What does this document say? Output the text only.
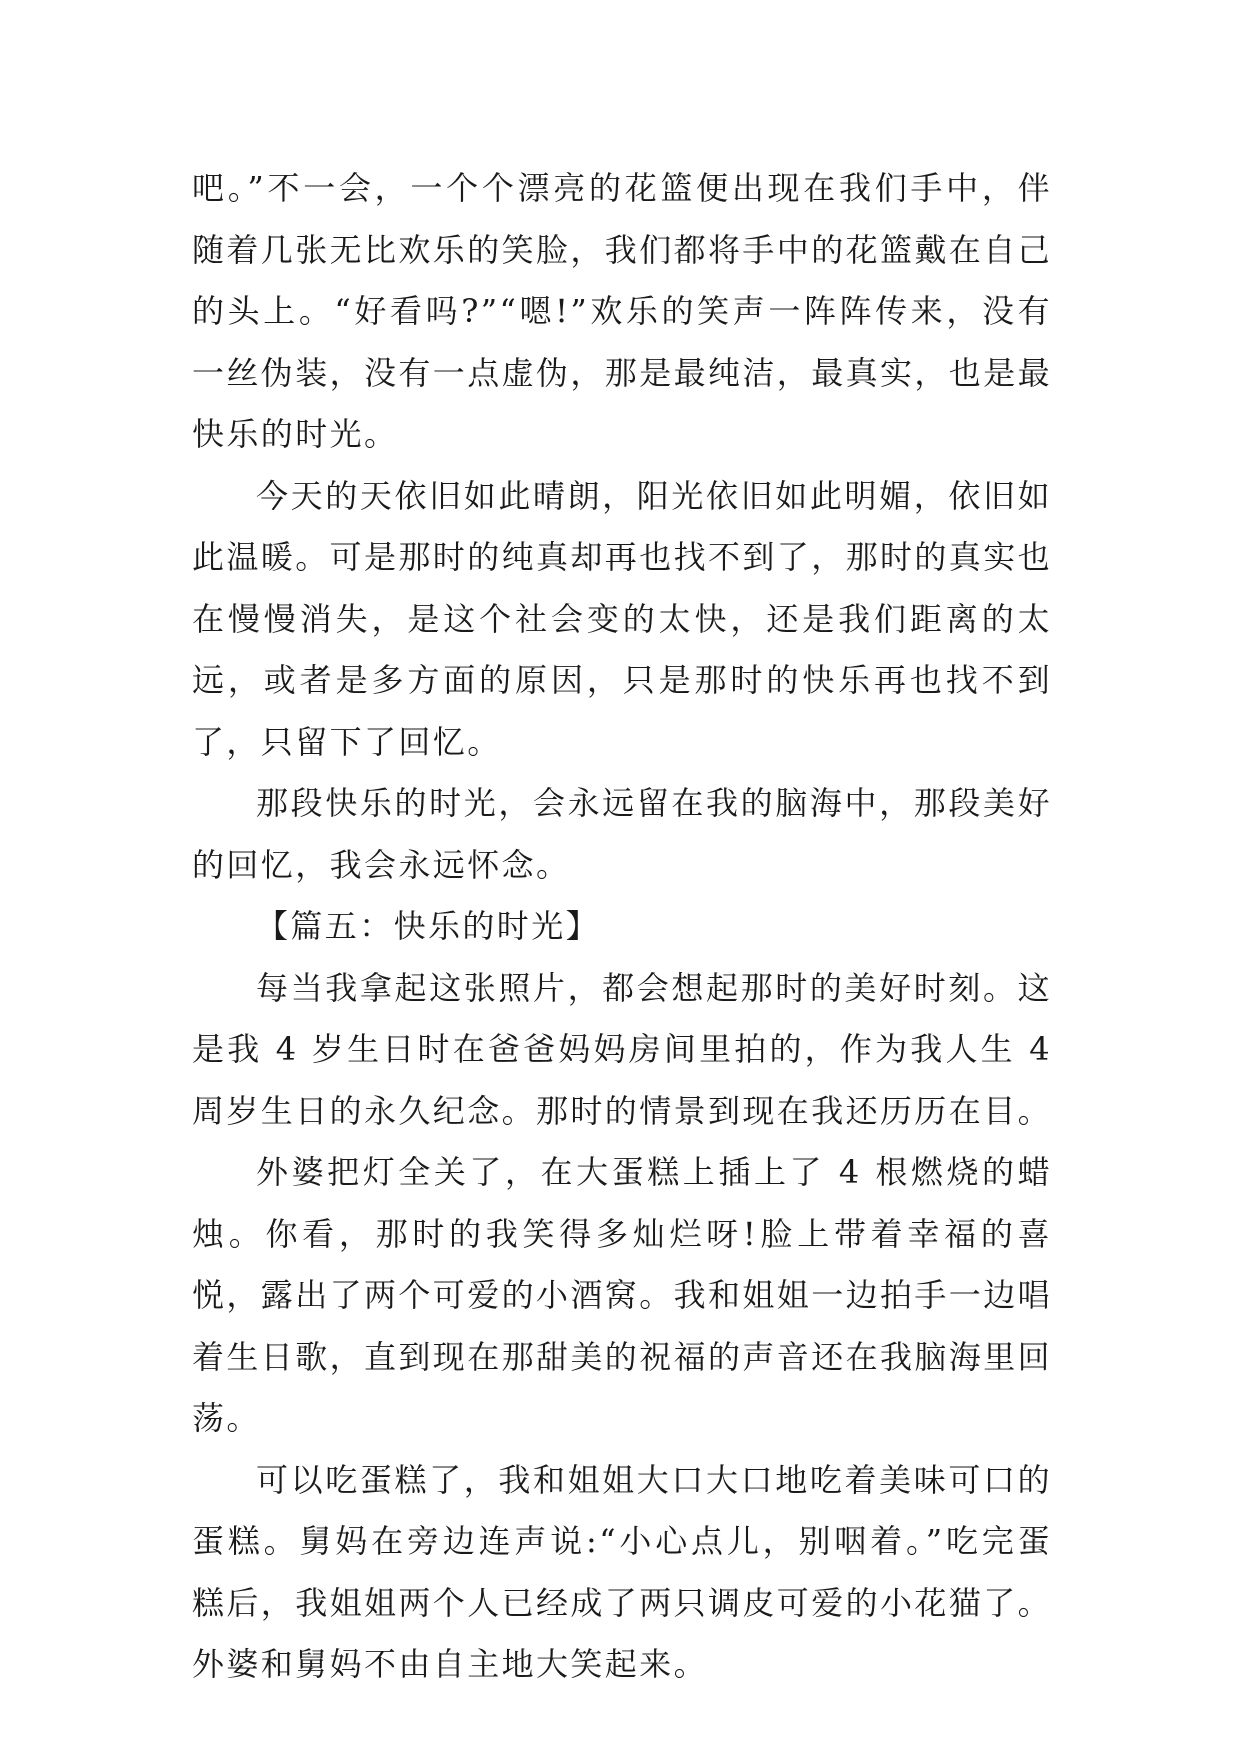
吧。”不一会，一个个漂亮的花篮便出现在我们手中，伴随着几张无比欢乐的笑脸，我们都将手中的花篮戴在自己的头上。“好看吗?”“嗯!”欢乐的笑声一阵阵传来，没有一丝伪装，没有一点虚伪，那是最纯洁，最真实，也是最快乐的时光。

今天的天依旧如此晴朗，阳光依旧如此明媚，依旧如此温暖。可是那时的纯真却再也找不到了，那时的真实也在慢慢消失，是这个社会变的太快，还是我们距离的太远，或者是多方面的原因，只是那时的快乐再也找不到了，只留下了回忆。

那段快乐的时光，会永远留在我的脑海中，那段美好的回忆，我会永远怀念。

【篇五：快乐的时光】

每当我拿起这张照片，都会想起那时的美好时刻。这是我 4 岁生日时在爸爸妈妈房间里拍的，作为我人生 4 周岁生日的永久纪念。那时的情景到现在我还历历在目。

外婆把灯全关了，在大蛋糕上插上了 4 根燃烧的蜡烛。你看，那时的我笑得多灿烂呀!脸上带着幸福的喜悦，露出了两个可爱的小酒窝。我和姐姐一边拍手一边唱着生日歌，直到现在那甜美的祝福的声音还在我脑海里回荡。

可以吃蛋糕了，我和姐姐大口大口地吃着美味可口的蛋糕。舅妈在旁边连声说:“小心点儿，别咽着。”吃完蛋糕后，我姐姐两个人已经成了两只调皮可爱的小花猫了。外婆和舅妈不由自主地大笑起来。
